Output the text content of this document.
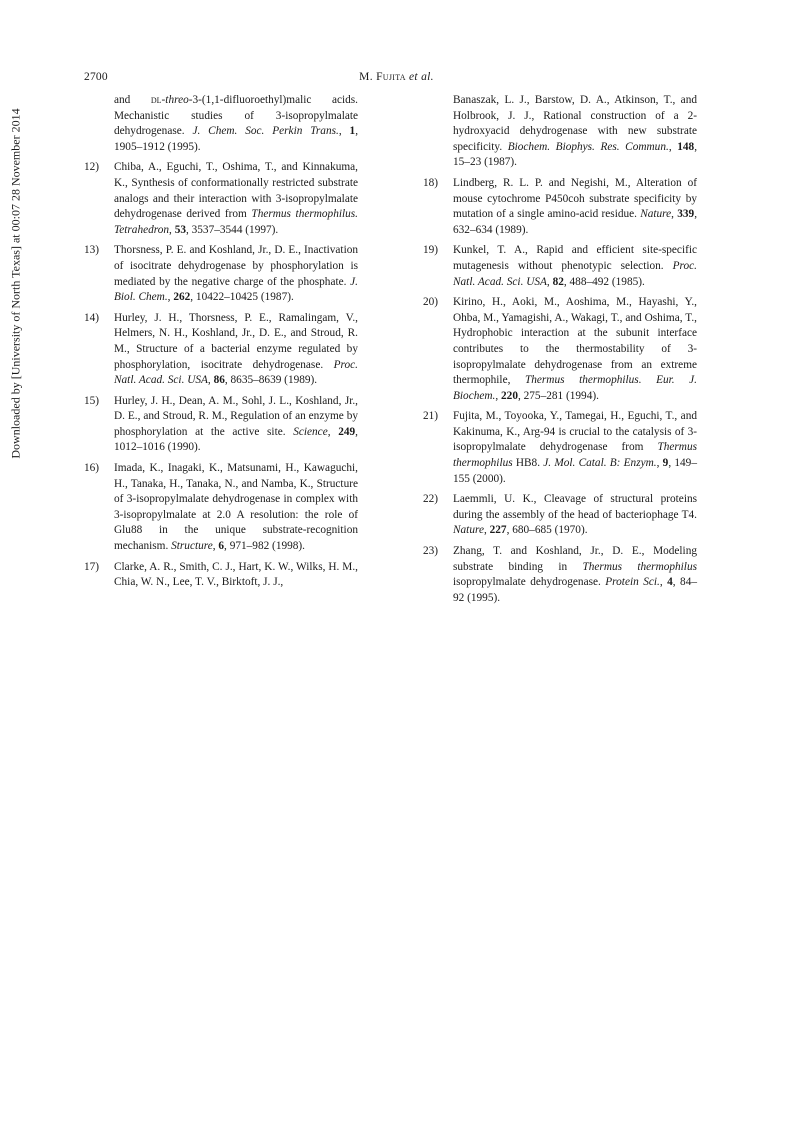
2700	M. Fujita et al.
Downloaded by [University of North Texas] at 00:07 28 November 2014

and dl-threo-3-(1,1-difluoroethyl)malic acids. Mechanistic studies of 3-isopropylmalate dehydrogenase. J. Chem. Soc. Perkin Trans., 1, 1905–1912 (1995).

12) Chiba, A., Eguchi, T., Oshima, T., and Kinnakuma, K., Synthesis of conformationally restricted substrate analogs and their interaction with 3-isopropylmalate dehydrogenase derived from Thermus thermophilus. Tetrahedron, 53, 3537–3544 (1997).

13) Thorsness, P. E. and Koshland, Jr., D. E., Inactivation of isocitrate dehydrogenase by phosphorylation is mediated by the negative charge of the phosphate. J. Biol. Chem., 262, 10422–10425 (1987).

14) Hurley, J. H., Thorsness, P. E., Ramalingam, V., Helmers, N. H., Koshland, Jr., D. E., and Stroud, R. M., Structure of a bacterial enzyme regulated by phosphorylation, isocitrate dehydrogenase. Proc. Natl. Acad. Sci. USA, 86, 8635–8639 (1989).

15) Hurley, J. H., Dean, A. M., Sohl, J. L., Koshland, Jr., D. E., and Stroud, R. M., Regulation of an enzyme by phosphorylation at the active site. Science, 249, 1012–1016 (1990).

16) Imada, K., Inagaki, K., Matsunami, H., Kawaguchi, H., Tanaka, H., Tanaka, N., and Namba, K., Structure of 3-isopropylmalate dehydrogenase in complex with 3-isopropylmalate at 2.0 A resolution: the role of Glu88 in the unique substrate-recognition mechanism. Structure, 6, 971–982 (1998).

17) Clarke, A. R., Smith, C. J., Hart, K. W., Wilks, H. M., Chia, W. N., Lee, T. V., Birktoft, J. J.,

Banaszak, L. J., Barstow, D. A., Atkinson, T., and Holbrook, J. J., Rational construction of a 2-hydroxyacid dehydrogenase with new substrate specificity. Biochem. Biophys. Res. Commun., 148, 15–23 (1987).

18) Lindberg, R. L. P. and Negishi, M., Alteration of mouse cytochrome P450coh substrate specificity by mutation of a single amino-acid residue. Nature, 339, 632–634 (1989).

19) Kunkel, T. A., Rapid and efficient site-specific mutagenesis without phenotypic selection. Proc. Natl. Acad. Sci. USA, 82, 488–492 (1985).

20) Kirino, H., Aoki, M., Aoshima, M., Hayashi, Y., Ohba, M., Yamagishi, A., Wakagi, T., and Oshima, T., Hydrophobic interaction at the subunit interface contributes to the thermostability of 3-isopropylmalate dehydrogenase from an extreme thermophile, Thermus thermophilus. Eur. J. Biochem., 220, 275–281 (1994).

21) Fujita, M., Toyooka, Y., Tamegai, H., Eguchi, T., and Kakinuma, K., Arg-94 is crucial to the catalysis of 3-isopropylmalate dehydrogenase from Thermus thermophilus HB8. J. Mol. Catal. B: Enzym., 9, 149–155 (2000).

22) Laemmli, U. K., Cleavage of structural proteins during the assembly of the head of bacteriophage T4. Nature, 227, 680–685 (1970).

23) Zhang, T. and Koshland, Jr., D. E., Modeling substrate binding in Thermus thermophilus isopropylmalate dehydrogenase. Protein Sci., 4, 84–92 (1995).
